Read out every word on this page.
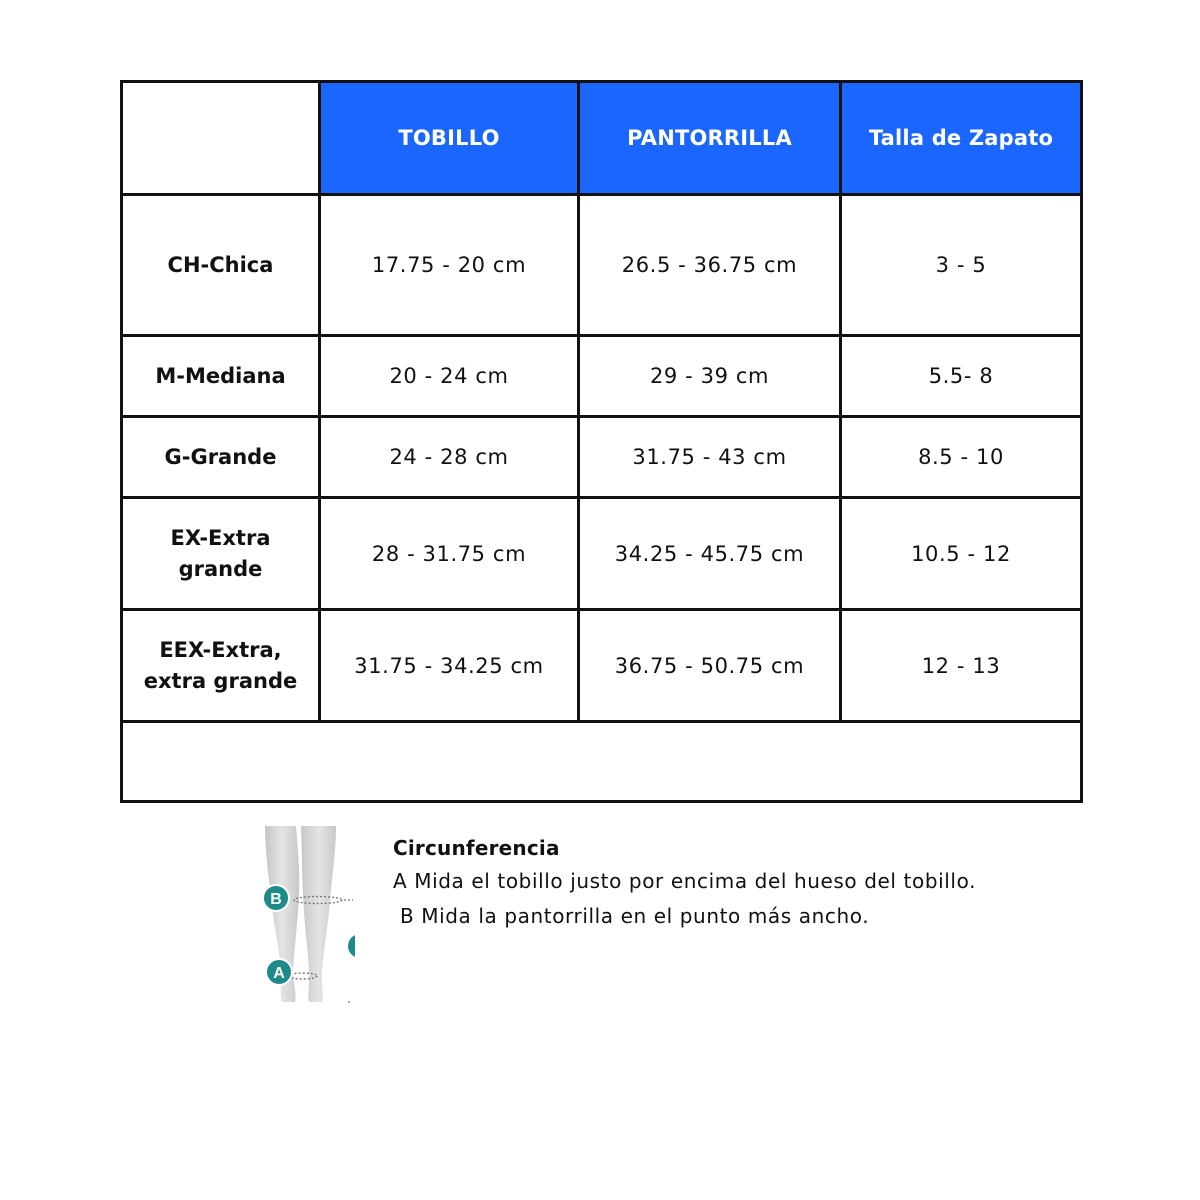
	TOBILLO	PANTORRILLA	Talla de Zapato
CH-Chica	17.75 - 20 cm	26.5 - 36.75 cm	3 - 5
M-Mediana	20 - 24 cm	29 - 39 cm	5.5- 8
G-Grande	24 - 28 cm	31.75 - 43 cm	8.5 - 10
EX-Extra
grande	28 - 31.75 cm	34.25 - 45.75 cm	10.5 - 12
EEX-Extra,
extra grande	31.75 - 34.25 cm	36.75 - 50.75 cm	12 - 13

B
A
Circunferencia
A Mida el tobillo justo por encima del hueso del tobillo.
B Mida la pantorrilla en el punto más ancho.
